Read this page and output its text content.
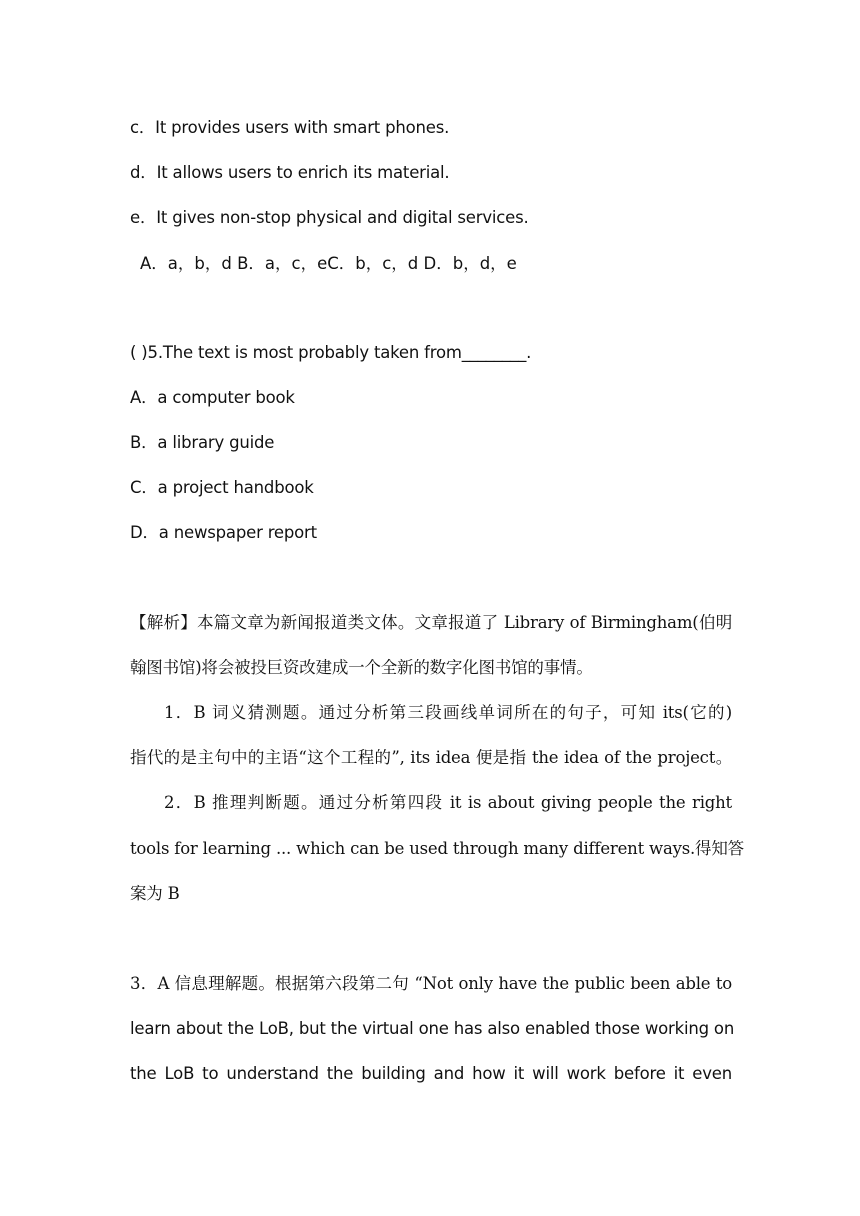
c．It provides users with smart phones.
d．It allows users to enrich its material.
e．It gives non-stop physical and digital services.
A．a，b，d B．a，c，eC．b，c，d D．b，d，e
( )5.The text is most probably taken from________.
A．a computer book
B．a library guide
C．a project handbook
D．a newspaper report
【解析】本篇文章为新闻报道类文体。文章报道了 Library of Birmingham(伯明
翰图书馆)将会被投巨资改建成一个全新的数字化图书馆的事情。
1．B 词义猜测题。通过分析第三段画线单词所在的句子，可知 its(它的)
指代的是主句中的主语“这个工程的”, its idea 便是指 the idea of the project。
2．B 推理判断题。通过分析第四段 it is about giving people the right
tools for learning ... which can be used through many different ways.得知答
案为 B
3．A 信息理解题。根据第六段第二句 “Not only have the public been able to
learn about the LoB, but the virtual one has also enabled those working on
the LoB to understand the building and how it will work before it even
